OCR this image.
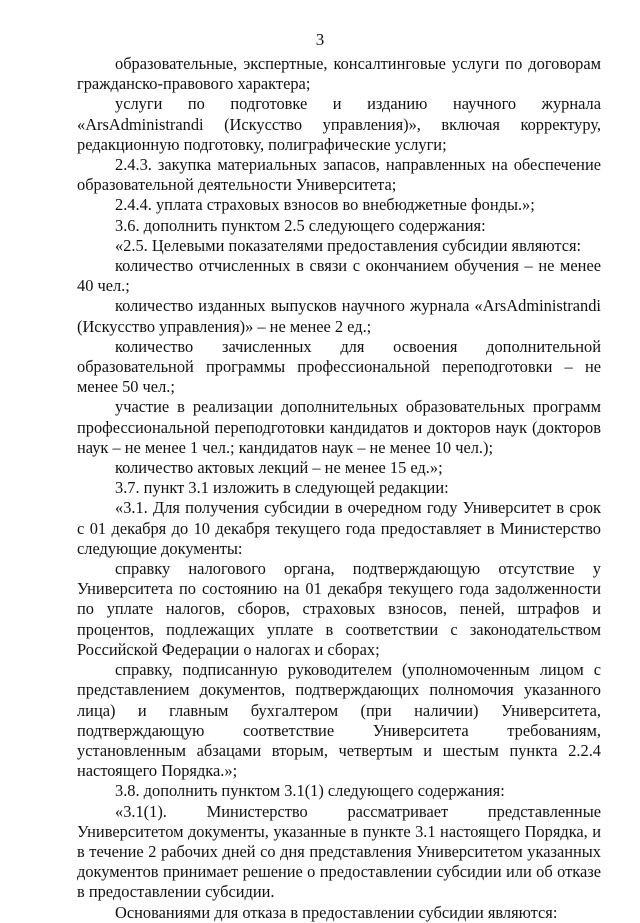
3

образовательные, экспертные, консалтинговые услуги по договорам гражданско-правового характера;

услуги по подготовке и изданию научного журнала «ArsAdministrandi (Искусство управления)», включая корректуру, редакционную подготовку, полиграфические услуги;

2.4.3. закупка материальных запасов, направленных на обеспечение образовательной деятельности Университета;

2.4.4. уплата страховых взносов во внебюджетные фонды.»;

3.6. дополнить пунктом 2.5 следующего содержания:

«2.5. Целевыми показателями предоставления субсидии являются:

количество отчисленных в связи с окончанием обучения – не менее 40 чел.;

количество изданных выпусков научного журнала «ArsAdministrandi (Искусство управления)» – не менее 2 ед.;

количество зачисленных для освоения дополнительной образовательной программы профессиональной переподготовки – не менее 50 чел.;

участие в реализации дополнительных образовательных программ профессиональной переподготовки кандидатов и докторов наук (докторов наук – не менее 1 чел.; кандидатов наук – не менее 10 чел.);

количество актовых лекций – не менее 15 ед.»;

3.7. пункт 3.1 изложить в следующей редакции:

«3.1. Для получения субсидии в очередном году Университет в срок с 01 декабря до 10 декабря текущего года предоставляет в Министерство следующие документы:

справку налогового органа, подтверждающую отсутствие у Университета по состоянию на 01 декабря текущего года задолженности по уплате налогов, сборов, страховых взносов, пеней, штрафов и процентов, подлежащих уплате в соответствии с законодательством Российской Федерации о налогах и сборах;

справку, подписанную руководителем (уполномоченным лицом с представлением документов, подтверждающих полномочия указанного лица) и главным бухгалтером (при наличии) Университета, подтверждающую соответствие Университета требованиям, установленным абзацами вторым, четвертым и шестым пункта 2.2.4 настоящего Порядка.»;

3.8. дополнить пунктом 3.1(1) следующего содержания:

«3.1(1). Министерство рассматривает представленные Университетом документы, указанные в пункте 3.1 настоящего Порядка, и в течение 2 рабочих дней со дня представления Университетом указанных документов принимает решение о предоставлении субсидии или об отказе в предоставлении субсидии.

Основаниями для отказа в предоставлении субсидии являются:
